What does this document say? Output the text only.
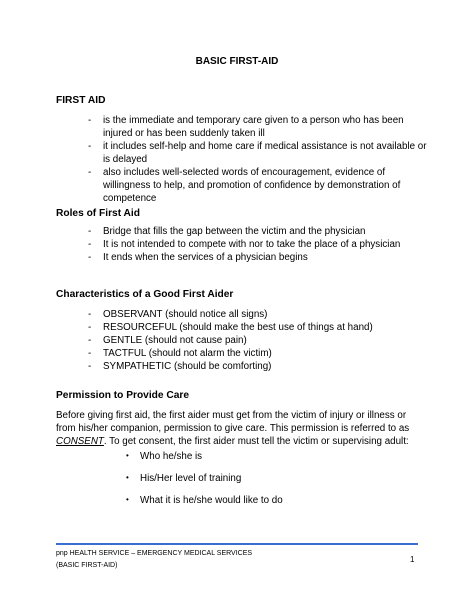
BASIC FIRST-AID
FIRST AID
- is the immediate and temporary care given to a person who has been injured or has been suddenly taken ill
- it includes self-help and home care if medical assistance is not available or is delayed
- also includes well-selected words of encouragement, evidence of willingness to help, and promotion of confidence by demonstration of competence
Roles of First Aid
- Bridge that fills the gap between the victim and the physician
- It is not intended to compete with nor to take the place of a physician
- It ends when the services of a physician begins
Characteristics of a Good First Aider
- OBSERVANT (should notice all signs)
- RESOURCEFUL (should make the best use of things at hand)
- GENTLE (should not cause pain)
- TACTFUL (should not alarm the victim)
- SYMPATHETIC (should be comforting)
Permission to Provide Care

Before giving first aid, the first aider must get from the victim of injury or illness or from his/her companion, permission to give care. This permission is referred to as CONSENT. To get consent, the first aider must tell the victim or supervising adult:

• Who he/she is
• His/Her level of training
• What it is he/she would like to do
pnp HEALTH SERVICE – EMERGENCY MEDICAL SERVICES
(BASIC FIRST-AID)
1
